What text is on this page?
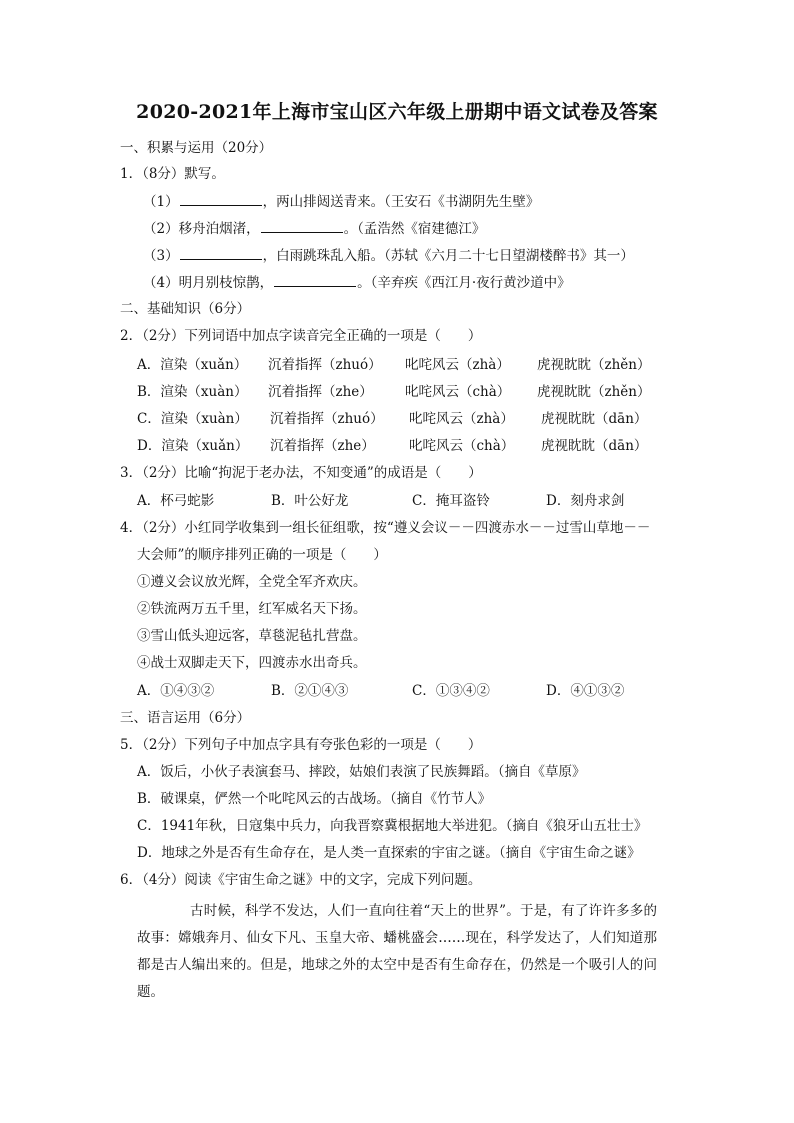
2020-2021年上海市宝山区六年级上册期中语文试卷及答案
一、积累与运用（20分）
1．（8分）默写。
（1）	，两山排闼送青来。（王安石《书湖阴先生壁》
（2）移舟泊烟渚，	。（孟浩然《宿建德江》
（3）	，白雨跳珠乱入船。（苏轼《六月二十七日望湖楼醉书》其一）
（4）明月别枝惊鹊，	。（辛弃疾《西江月·夜行黄沙道中》
二、基础知识（6分）
2．（2分）下列词语中加点字读音完全正确的一项是（　　）
A．渲染（xuǎn） 沉着指挥（zhuó） 叱咤风云（zhà） 虎视眈眈（zhěn）
B．渲染（xuàn） 沉着指挥（zhe） 叱咤风云（chà） 虎视眈眈（zhěn）
C．渲染（xuàn） 沉着指挥（zhuó） 叱咤风云（zhà） 虎视眈眈（dān）
D．渲染（xuǎn） 沉着指挥（zhe）	叱咤风云（chà） 虎视眈眈（dān）
3．（2分）比喻“拘泥于老办法，不知变通”的成语是（　　）
A．杯弓蛇影	B．叶公好龙	C．掩耳盗铃	D．刻舟求剑
4．（2分）小红同学收集到一组长征组歌，按“遵义会议－－四渡赤水－－过雪山草地－－
大会师”的顺序排列正确的一项是（　　）
①遵义会议放光辉，全党全军齐欢庆。
②铁流两万五千里，红军威名天下扬。
③雪山低头迎远客，草毯泥毡扎营盘。
④战士双脚走天下，四渡赤水出奇兵。
A．①④③②	B．②①④③	C．①③④②	D．④①③②
三、语言运用（6分）
5．（2分）下列句子中加点字具有夸张色彩的一项是（　　）
A．饭后，小伙子表演套马、摔跤，姑娘们表演了民族舞蹈。（摘自《草原》
B．破课桌，俨然一个叱咤风云的古战场。（摘自《竹节人》
C．1941年秋，日寇集中兵力，向我晋察冀根据地大举进犯。（摘自《狼牙山五壮士》
D．地球之外是否有生命存在，是人类一直探索的宇宙之谜。（摘自《宇宙生命之谜》
6．（4分）阅读《宇宙生命之谜》中的文字，完成下列问题。
古时候，科学不发达，人们一直向往着“天上的世界”。于是，有了许许多多的故事：嫦娥奔月、仙女下凡、玉皇大帝、蟠桃盛会……现在，科学发达了，人们知道那都是古人编出来的。但是，地球之外的太空中是否有生命存在，仍然是一个吸引人的问题。
